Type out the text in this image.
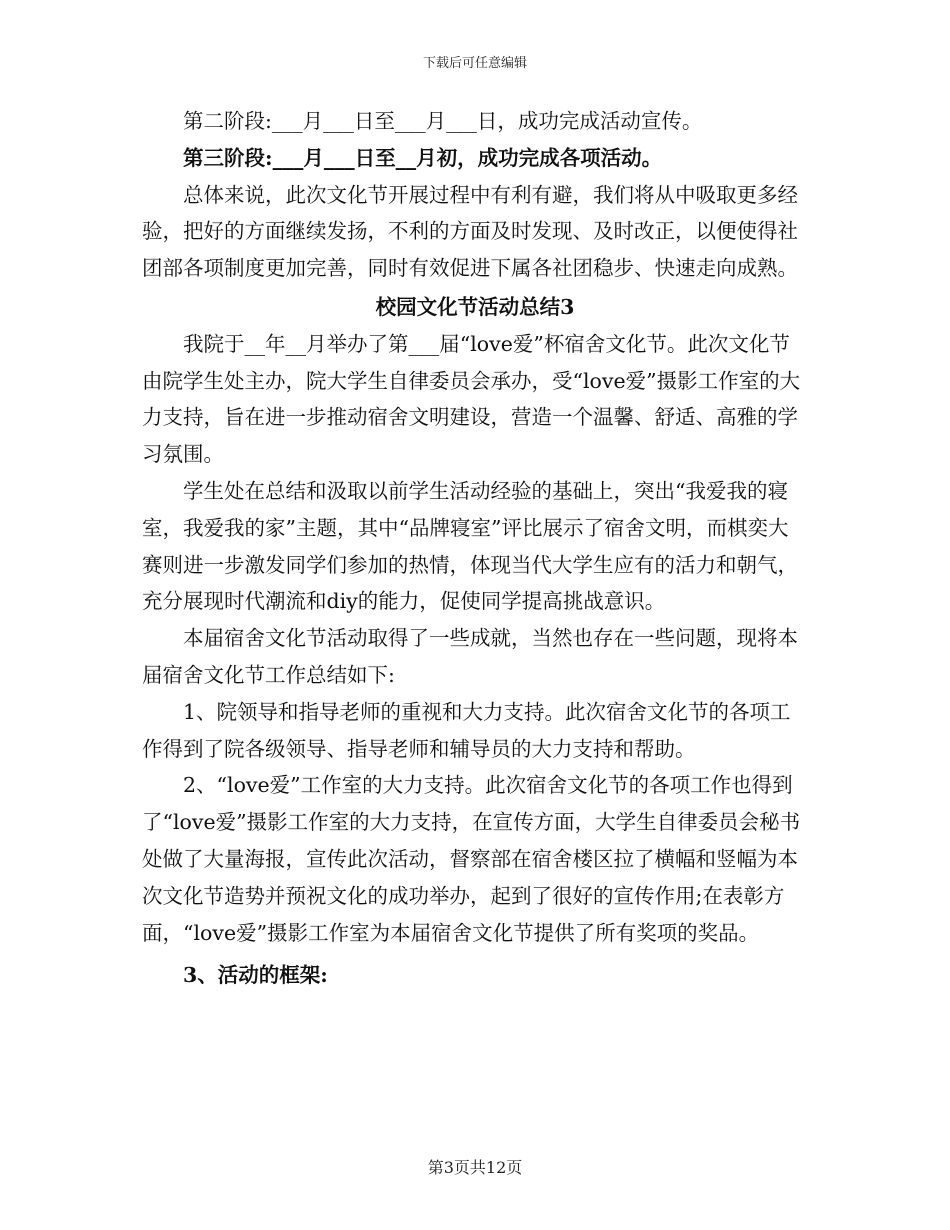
下载后可任意编辑

第二阶段:___月___日至___月___日，成功完成活动宣传。

第三阶段:___月___日至__月初，成功完成各项活动。

总体来说，此次文化节开展过程中有利有避，我们将从中吸取更多经验，把好的方面继续发扬，不利的方面及时发现、及时改正，以便使得社团部各项制度更加完善，同时有效促进下属各社团稳步、快速走向成熟。

校园文化节活动总结3

我院于__年__月举办了第___届“love爱”杯宿舍文化节。此次文化节由院学生处主办，院大学生自律委员会承办，受“love爱”摄影工作室的大力支持，旨在进一步推动宿舍文明建设，营造一个温馨、舒适、高雅的学习氛围。

学生处在总结和汲取以前学生活动经验的基础上，突出“我爱我的寝室，我爱我的家”主题，其中“品牌寝室”评比展示了宿舍文明，而棋奕大赛则进一步激发同学们参加的热情，体现当代大学生应有的活力和朝气，充分展现时代潮流和diy的能力，促使同学提高挑战意识。

本届宿舍文化节活动取得了一些成就，当然也存在一些问题，现将本届宿舍文化节工作总结如下:

1、院领导和指导老师的重视和大力支持。此次宿舍文化节的各项工作得到了院各级领导、指导老师和辅导员的大力支持和帮助。

2、“love爱”工作室的大力支持。此次宿舍文化节的各项工作也得到了“love爱”摄影工作室的大力支持，在宣传方面，大学生自律委员会秘书处做了大量海报，宣传此次活动，督察部在宿舍楼区拉了横幅和竖幅为本次文化节造势并预祝文化的成功举办，起到了很好的宣传作用;在表彰方面，“love爱”摄影工作室为本届宿舍文化节提供了所有奖项的奖品。

3、活动的框架:

第3页共12页
